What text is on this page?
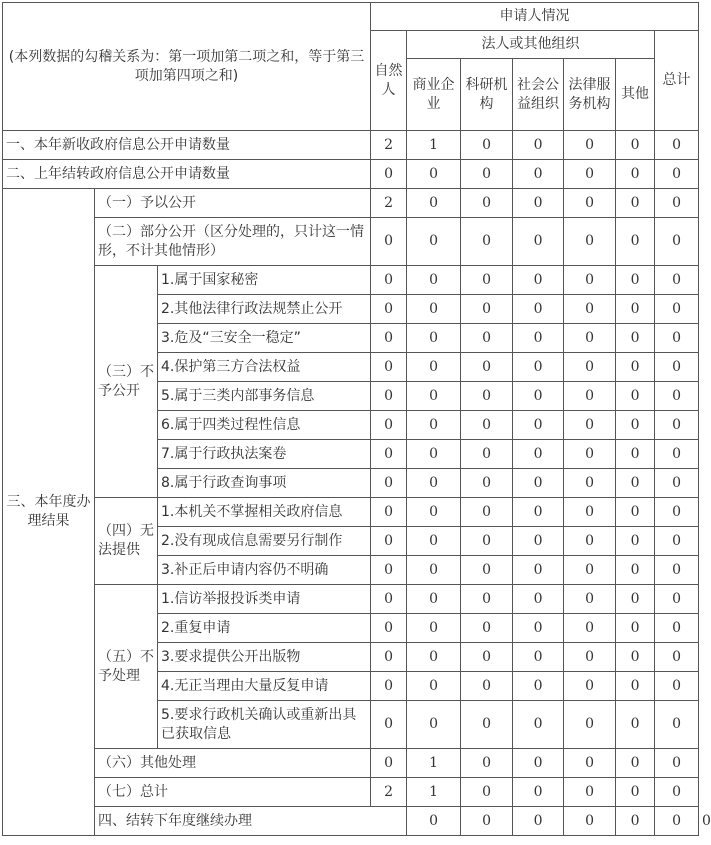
(本列数据的勾稽关系为：第一项加第二项之和，等于第三项加第四项之和)			申请人情况							
			自然人	法人或其他组织					总计	
				商业企业	科研机构	社会公益组织	法律服务机构	其他		
一、本年新收政府信息公开申请数量			2	1	0	0	0	0	0	
二、上年结转政府信息公开申请数量			0	0	0	0	0	0	0	
三、本年度办理结果	（一）予以公开		2	0	0	0	0	0	0	
	（二）部分公开（区分处理的，只计这一情形，不计其他情形）		0	0	0	0	0	0	0	
	（三）不予公开	1.属于国家秘密	0	0	0	0	0	0	0	
		2.其他法律行政法规禁止公开	0	0	0	0	0	0	0	
		3.危及“三安全一稳定”	0	0	0	0	0	0	0	
		4.保护第三方合法权益	0	0	0	0	0	0	0	
		5.属于三类内部事务信息	0	0	0	0	0	0	0	
		6.属于四类过程性信息	0	0	0	0	0	0	0	
		7.属于行政执法案卷	0	0	0	0	0	0	0	
		8.属于行政查询事项	0	0	0	0	0	0	0	
	（四）无法提供	1.本机关不掌握相关政府信息	0	0	0	0	0	0	0	
		2.没有现成信息需要另行制作	0	0	0	0	0	0	0	
		3.补正后申请内容仍不明确	0	0	0	0	0	0	0	
	（五）不予处理	1.信访举报投诉类申请	0	0	0	0	0	0	0	
		2.重复申请	0	0	0	0	0	0	0	
		3.要求提供公开出版物	0	0	0	0	0	0	0	
		4.无正当理由大量反复申请	0	0	0	0	0	0	0	
		5.要求行政机关确认或重新出具已获取信息	0	0	0	0	0	0	0	
	（六）其他处理		0	1	0	0	0	0	0	
	（七）总计		2	1	0	0	0	0	0	
	四、结转下年度继续办理			0	0	0	0	0	0	0
